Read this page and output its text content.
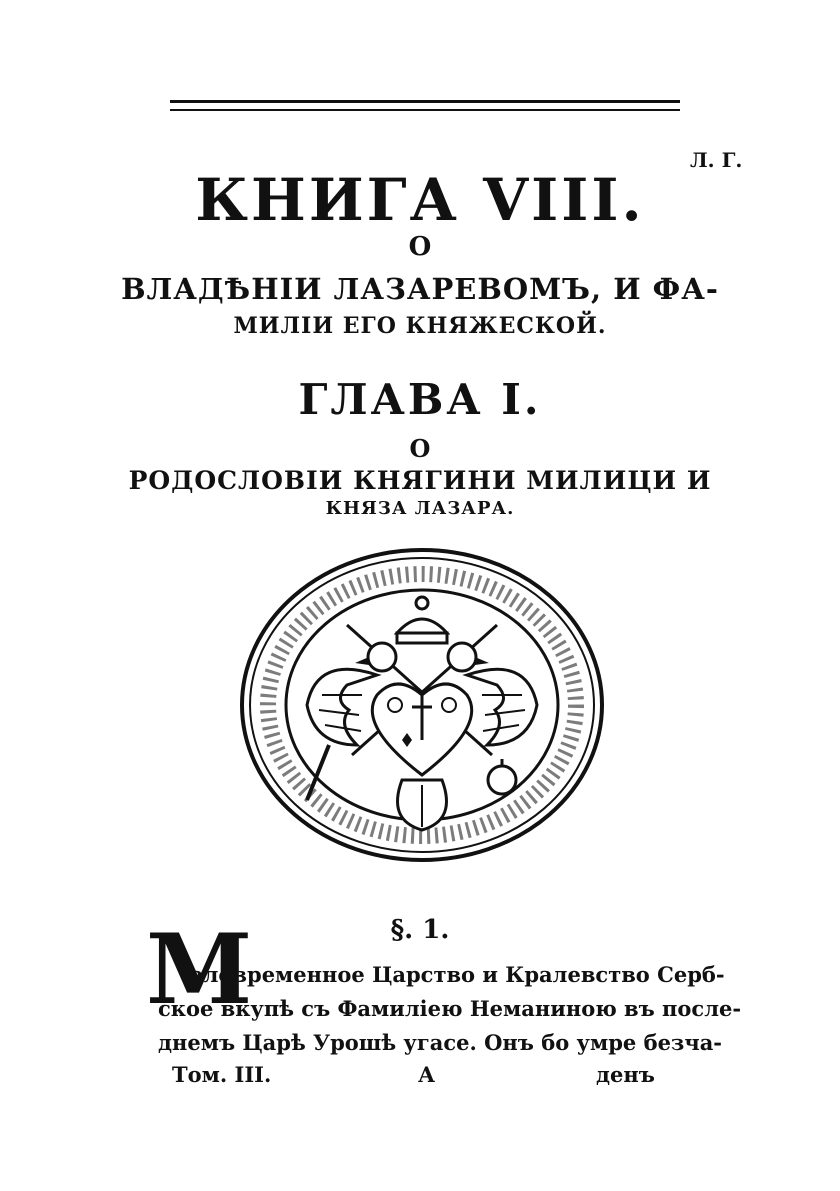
Л. Г.
КНИГА VIII.
О
ВЛАДѢНІИ ЛАЗАРЕВОМЪ, И ФА-
МИЛІИ ЕГО КНЯЖЕСКОЙ.
ГЛАВА I.
О
РОДОСЛОВІИ КНЯГИНИ МИЛИЦИ И
КНЯЗА ЛАЗАРА.
§. 1.
М
аловременное Царство и Кралевство Серб-
ское вкупѣ съ Фамиліею Неманиною въ после-
днемъ Царѣ Урошѣ угасе. Онъ бо умре безча-
Том. III.	А	денъ
